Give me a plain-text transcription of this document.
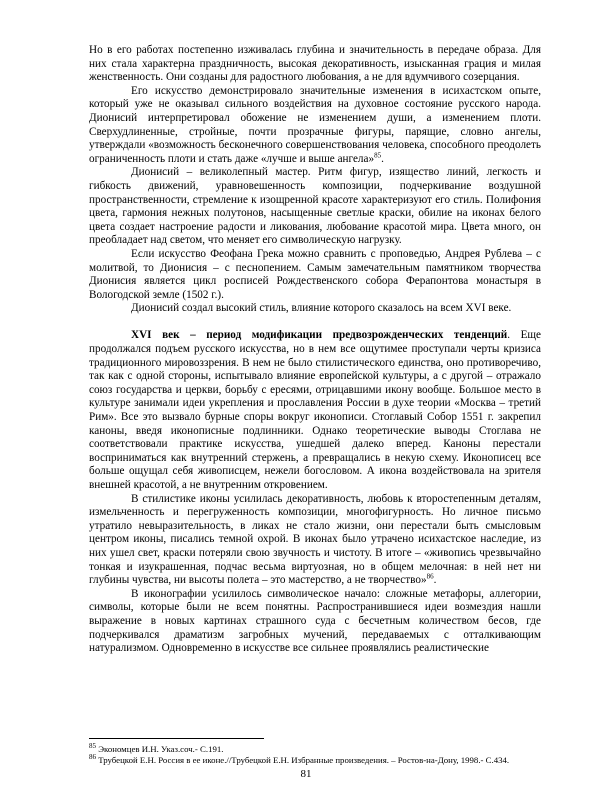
Но в его работах постепенно изживалась глубина и значительность в передаче образа. Для них стала характерна праздничность, высокая декоративность, изысканная грация и милая женственность. Они созданы для радостного любования, а не для вдумчивого созерцания.

Его искусство демонстрировало значительные изменения в исихастском опыте, который уже не оказывал сильного воздействия на духовное состояние русского народа. Дионисий интерпретировал обожение не изменением души, а изменением плоти. Сверхудлиненные, стройные, почти прозрачные фигуры, парящие, словно ангелы, утверждали «возможность бесконечного совершенствования человека, способного преодолеть ограниченность плоти и стать даже «лучше и выше ангела»$^{85}$.

Дионисий – великолепный мастер. Ритм фигур, изящество линий, легкость и гибкость движений, уравновешенность композиции, подчеркивание воздушной пространственности, стремление к изощренной красоте характеризуют его стиль. Полифония цвета, гармония нежных полутонов, насыщенные светлые краски, обилие на иконах белого цвета создает настроение радости и ликования, любование красотой мира. Цвета много, он преобладает над светом, что меняет его символическую нагрузку.

Если искусство Феофана Грека можно сравнить с проповедью, Андрея Рублева – с молитвой, то Дионисия – с песнопением. Самым замечательным памятником творчества Дионисия является цикл росписей Рождественского собора Ферапонтова монастыря в Вологодской земле (1502 г.).

Дионисий создал высокий стиль, влияние которого сказалось на всем XVI веке.

XVI век – период модификации предвозрожденческих тенденций. Еще продолжался подъем русского искусства, но в нем все ощутимее проступали черты кризиса традиционного мировоззрения. В нем не было стилистического единства, оно противоречиво, так как с одной стороны, испытывало влияние европейской культуры, а с другой – отражало союз государства и церкви, борьбу с ересями, отрицавшими икону вообще. Большое место в культуре занимали идеи укрепления и прославления России в духе теории «Москва – третий Рим». Все это вызвало бурные споры вокруг иконописи. Стоглавый Собор 1551 г. закрепил каноны, введя иконописные подлинники. Однако теоретические выводы Стоглава не соответствовали практике искусства, ушедшей далеко вперед. Каноны перестали восприниматься как внутренний стержень, а превращались в некую схему. Иконописец все больше ощущал себя живописцем, нежели богословом. А икона воздействовала на зрителя внешней красотой, а не внутренним откровением.

В стилистике иконы усилилась декоративность, любовь к второстепенным деталям, измельченность и перегруженность композиции, многофигурность. Но личное письмо утратило невыразительность, в ликах не стало жизни, они перестали быть смысловым центром иконы, писались темной охрой. В иконах было утрачено исихастское наследие, из них ушел свет, краски потеряли свою звучность и чистоту. В итоге – «живопись чрезвычайно тонкая и изукрашенная, подчас весьма виртуозная, но в общем мелочная: в ней нет ни глубины чувства, ни высоты полета – это мастерство, а не творчество»$^{86}$.

В иконографии усилилось символическое начало: сложные метафоры, аллегории, символы, которые были не всем понятны. Распространившиеся идеи возмездия нашли выражение в новых картинах страшного суда с бесчетным количеством бесов, где подчеркивался драматизм загробных мучений, передаваемых с отталкивающим натурализмом. Одновременно в искусстве все сильнее проявлялись реалистические

$^{85}$ Экономцев И.Н. Указ.соч.- С.191.

$^{86}$ Трубецкой Е.Н. Россия в ее иконе.//Трубецкой Е.Н. Избранные произведения. – Ростов-на-Дону, 1998.- С.434.

81
